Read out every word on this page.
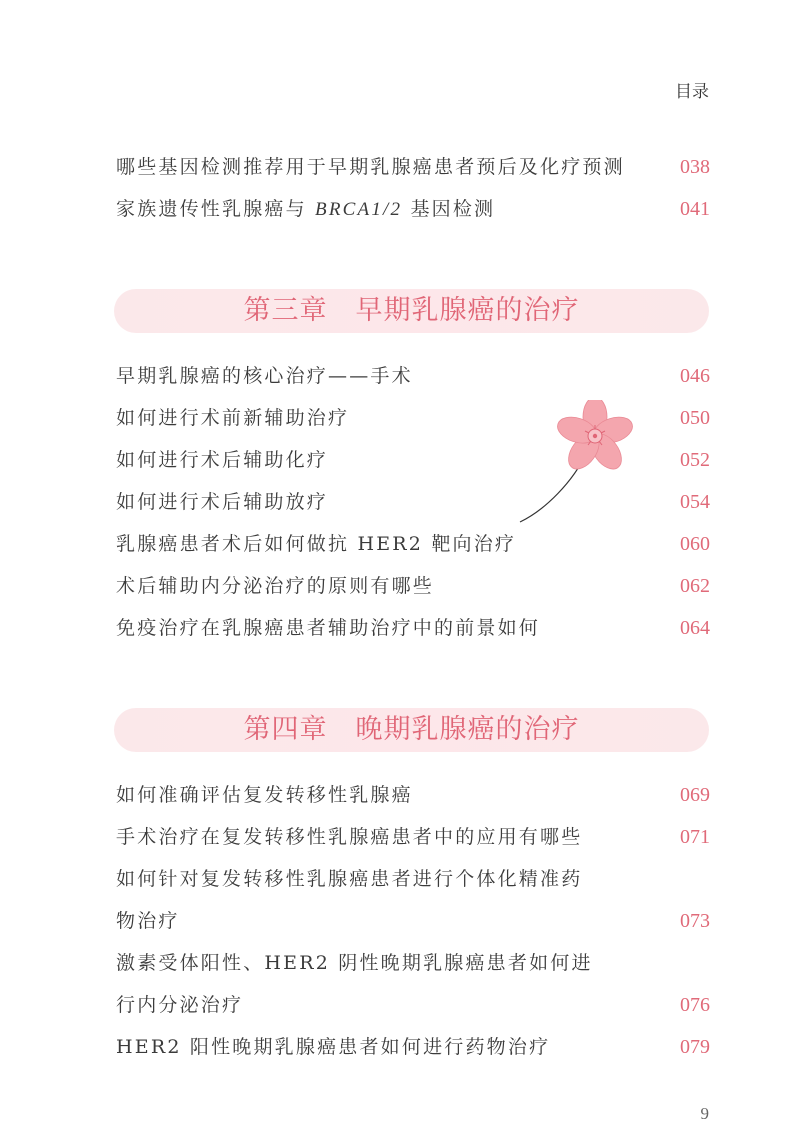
目录
哪些基因检测推荐用于早期乳腺癌患者预后及化疗预测	038
家族遗传性乳腺癌与 BRCA1/2 基因检测	041
第三章　早期乳腺癌的治疗
早期乳腺癌的核心治疗——手术	046
如何进行术前新辅助治疗	050
如何进行术后辅助化疗	052
如何进行术后辅助放疗	054
乳腺癌患者术后如何做抗 HER2 靶向治疗	060
术后辅助内分泌治疗的原则有哪些	062
免疫治疗在乳腺癌患者辅助治疗中的前景如何	064
第四章　晚期乳腺癌的治疗
如何准确评估复发转移性乳腺癌	069
手术治疗在复发转移性乳腺癌患者中的应用有哪些	071
如何针对复发转移性乳腺癌患者进行个体化精准药
物治疗	073
激素受体阳性、HER2 阴性晚期乳腺癌患者如何进
行内分泌治疗	076
HER2 阳性晚期乳腺癌患者如何进行药物治疗	079
9
